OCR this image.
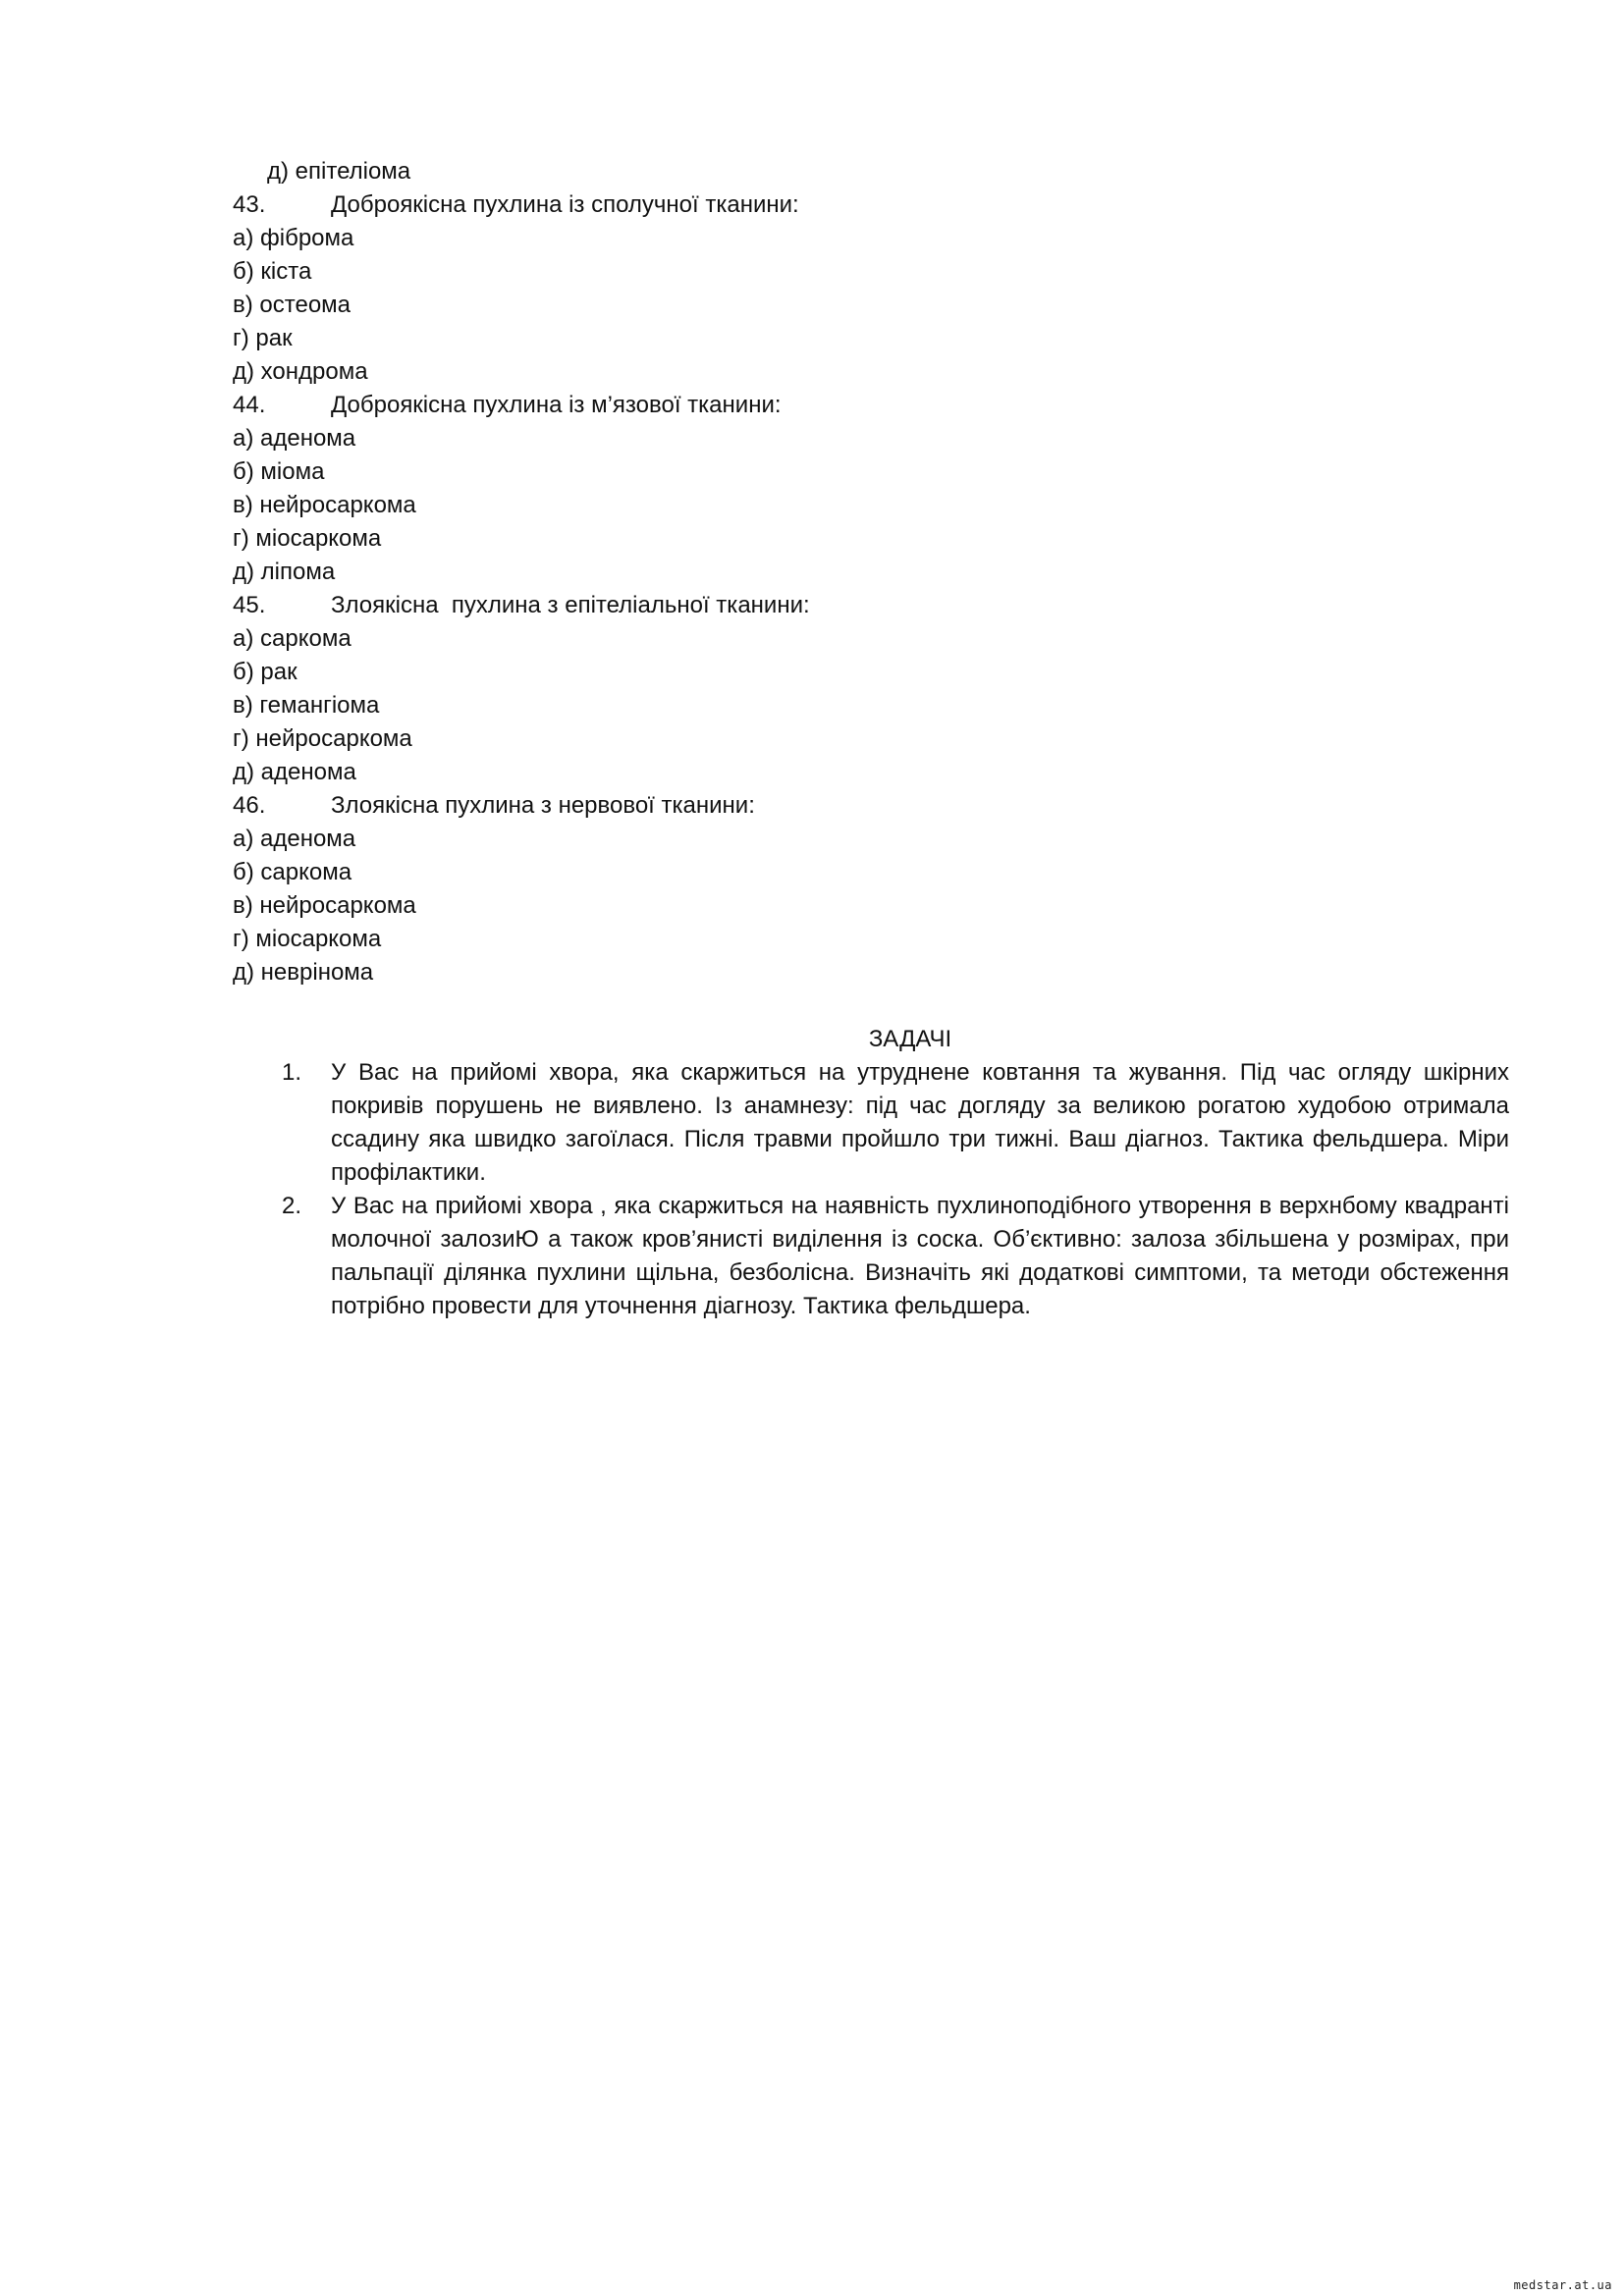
д) епітеліома
43.	Доброякісна пухлина із сполучної тканини:
а) фіброма
б) кіста
в) остеома
г) рак
д) хондрома
44.	Доброякісна пухлина із м’язової тканини:
а) аденома
б) міома
в) нейросаркома
г) міосаркома
д) ліпома
45.	Злоякісна  пухлина з епітеліальної тканини:
а) саркома
б) рак
в) гемангіома
г) нейросаркома
д) аденома
46.	Злоякісна пухлина з нервової тканини:
а) аденома
б) саркома
в) нейросаркома
г) міосаркома
д) невріномa
ЗАДАЧІ
1.	У Вас на прийомі хвора, яка скаржиться на утруднене ковтання та жування. Під час огляду шкірних покривів порушень не виявлено. Із анамнезу: під час догляду за великою рогатою худобою отримала ссадину яка швидко загоїлася. Після травми пройшло три тижні. Ваш діагноз. Тактика фельдшера. Міри профілактики.
2.	У Вас на прийомі хвора , яка скаржиться на наявність пухлиноподібного утворення в верхнбому квадранті молочної залозиЮ а також кров’янисті виділення із соска. Об’єктивно: залоза збільшена у розмірах, при пальпації ділянка пухлини щільна, безболісна. Визначіть які додаткові симптоми, та методи обстеження потрібно провести для уточнення діагнозу. Тактика фельдшера.
medstar.at.ua
